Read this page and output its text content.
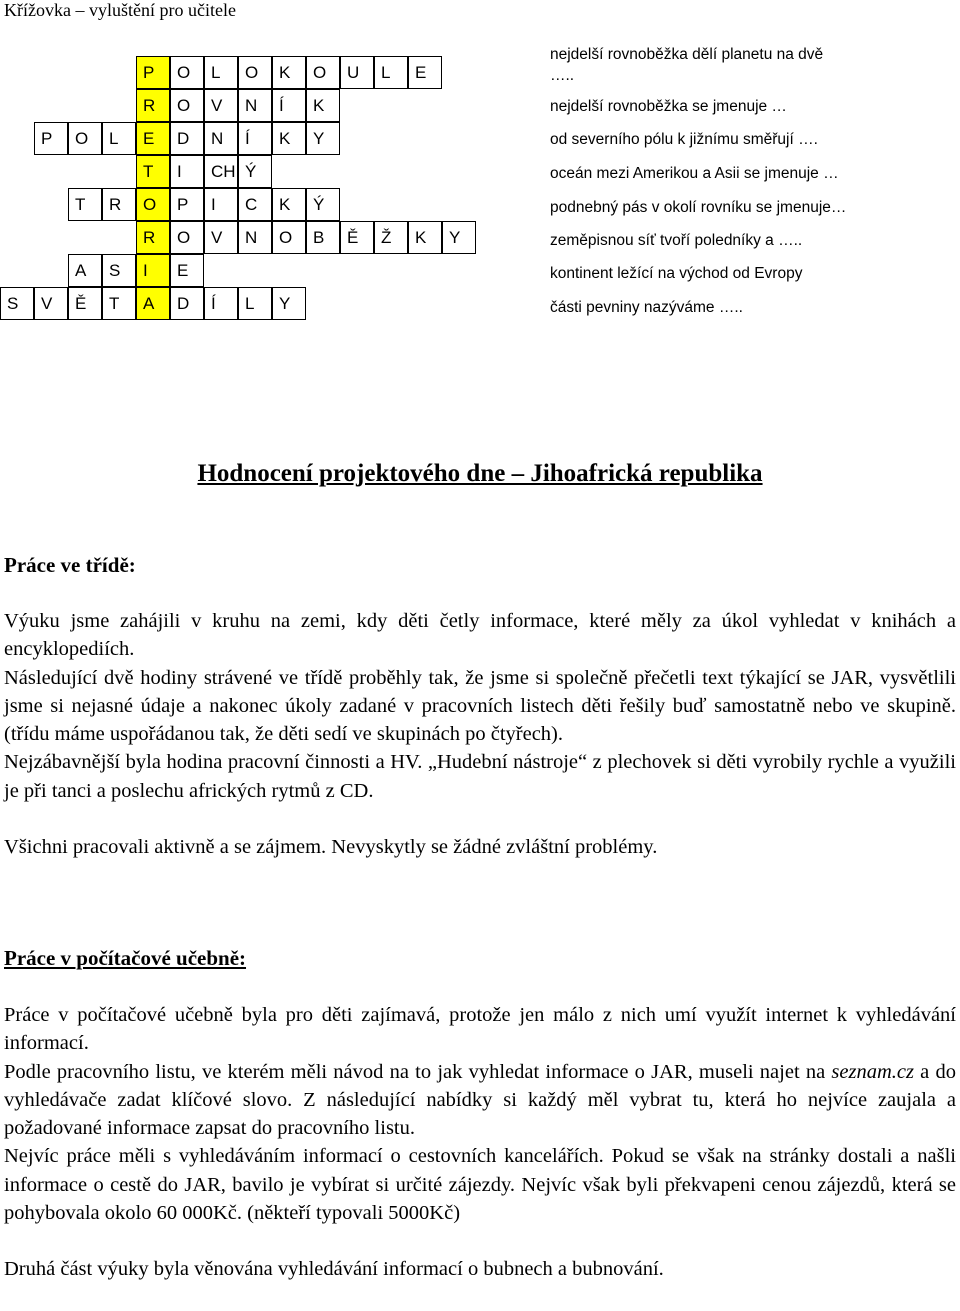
Křížovka – vyluštění pro učitele
P	O	L	O	K	O	U	L	E
R	O	V	N	Í	K
P	O	L	E	D	N	Í	K	Y
T	I	CH Ý
T	R	O	P	I	C	K	Ý
R	O	V	N	O	B	Ě	Ž	K	Y
A	S	I	E
S	V	Ě	T	A	D	Í	L	Y
nejdelší rovnoběžka dělí planetu na dvě
…..
nejdelší rovnoběžka se jmenuje …
od severního pólu k jižnímu směřují ….
oceán mezi Amerikou a Asii se jmenuje …
podnebný pás v okolí rovníku se jmenuje…
zeměpisnou síť tvoří poledníky a …..
kontinent ležící na východ od Evropy
části pevniny nazýváme …..
Hodnocení projektového dne – Jihoafrická republika
Práce ve třídě:

Výuku jsme zahájili v kruhu na zemi, kdy děti četly informace, které měly za úkol vyhledat v knihách a encyklopediích.

Následující dvě hodiny strávené ve třídě proběhly tak, že jsme si společně přečetli text týkající se JAR, vysvětlili jsme si nejasné údaje a nakonec úkoly zadané v pracovních listech děti řešily buď samostatně nebo ve skupině. (třídu máme uspořádanou tak, že děti sedí ve skupinách po čtyřech).

Nejzábavnější byla hodina pracovní činnosti a HV. „Hudební nástroje“ z plechovek si děti vyrobily rychle a využili je při tanci a poslechu afrických rytmů z CD.

Všichni pracovali aktivně a se zájmem. Nevyskytly se žádné zvláštní problémy.

Práce v počítačové učebně:

Práce v počítačové učebně byla pro děti zajímavá, protože jen málo z nich umí využít internet k vyhledávání informací.

Podle pracovního listu, ve kterém měli návod na to jak vyhledat informace o JAR, museli najet na seznam.cz a do vyhledávače zadat klíčové slovo. Z následující nabídky si každý měl vybrat tu, která ho nejvíce zaujala a požadované informace zapsat do pracovního listu.

Nejvíc práce měli s vyhledáváním informací o cestovních kancelářích. Pokud se však na stránky dostali a našli informace o cestě do JAR, bavilo je vybírat si určité zájezdy. Nejvíc však byli překvapeni cenou zájezdů, která se pohybovala okolo 60 000Kč. (někteří typovali 5000Kč)

Druhá část výuky byla věnována vyhledávání informací o bubnech a bubnování.
